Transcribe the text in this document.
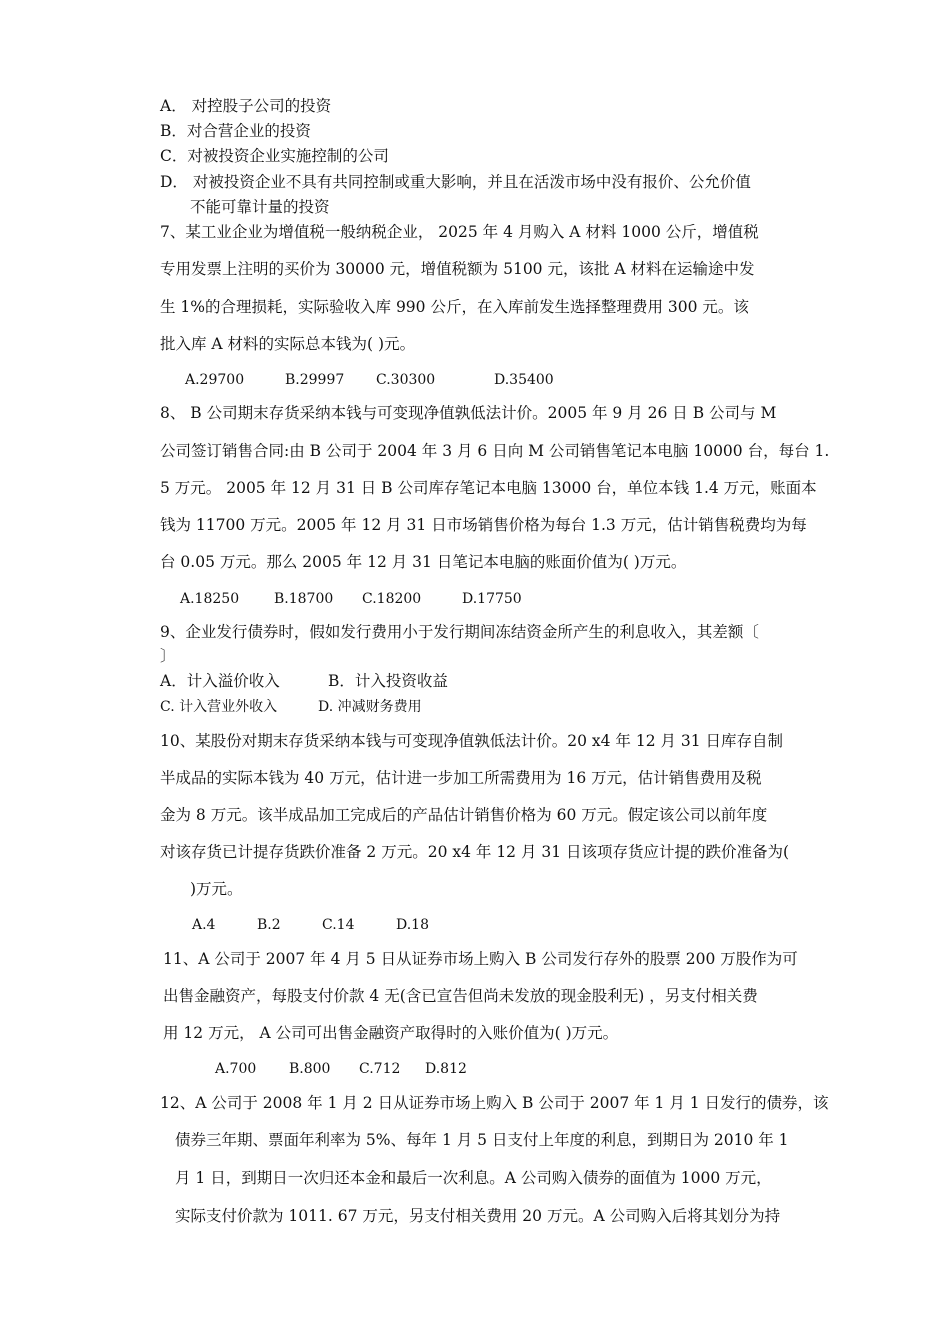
A． 对控股子公司的投资
B．对合营企业的投资
C．对被投资企业实施控制的公司
D． 对被投资企业不具有共同控制或重大影响，并且在活泼市场中没有报价、公允价值
不能可靠计量的投资
7、某工业企业为增值税一般纳税企业， 2025 年 4 月购入 A 材料 1000 公斤，增值税
专用发票上注明的买价为 30000 元，增值税额为 5100 元，该批 A 材料在运输途中发
生 1%的合理损耗，实际验收入库 990 公斤，在入库前发生选择整理费用 300 元。该
批入库 A 材料的实际总本钱为( )元。
A.29700	B.29997 C.30300	D.35400
8、 B 公司期末存货采纳本钱与可变现净值孰低法计价。2005 年 9 月 26 日 B 公司与 M
公司签订销售合同:由 B 公司于 2004 年 3 月 6 日向 M 公司销售笔记本电脑 10000 台，每台 1.
5 万元。 2005 年 12 月 31 日 B 公司库存笔记本电脑 13000 台，单位本钱 1.4 万元，账面本
钱为 11700 万元。2005 年 12 月 31 日市场销售价格为每台 1.3 万元，估计销售税费均为每
台 0.05 万元。那么 2005 年 12 月 31 日笔记本电脑的账面价值为( )万元。
A.18250 B.18700 C.18200	D.17750
9、企业发行债券时，假如发行费用小于发行期间冻结资金所产生的利息收入，其差额〔
〕
A．计入溢价收入	B．计入投资收益
C. 计入营业外收入	D. 冲减财务费用
10、某股份对期末存货采纳本钱与可变现净值孰低法计价。20 x4 年 12 月 31 日库存自制
半成品的实际本钱为 40 万元，估计进一步加工所需费用为 16 万元，估计销售费用及税
金为 8 万元。该半成品加工完成后的产品估计销售价格为 60 万元。假定该公司以前年度
对该存货已计提存货跌价准备 2 万元。20 x4 年 12 月 31 日该项存货应计提的跌价准备为(
)万元。
A.4	B.2	C.14	D.18
11、A 公司于 2007 年 4 月 5 日从证券市场上购入 B 公司发行存外的股票 200 万股作为可
出售金融资产，每股支付价款 4 无(含已宣告但尚未发放的现金股利无) ，另支付相关费
用 12 万元， A 公司可出售金融资产取得时的入账价值为( )万元。
A.700 B.800 C.712 D.812
12、A 公司于 2008 年 1 月 2 日从证券市场上购入 B 公司于 2007 年 1 月 1 日发行的债券，该
债券三年期、票面年利率为 5%、每年 1 月 5 日支付上年度的利息，到期日为 2010 年 1
月 1 日，到期日一次归还本金和最后一次利息。A 公司购入债券的面值为 1000 万元，
实际支付价款为 1011. 67 万元，另支付相关费用 20 万元。A 公司购入后将其划分为持
